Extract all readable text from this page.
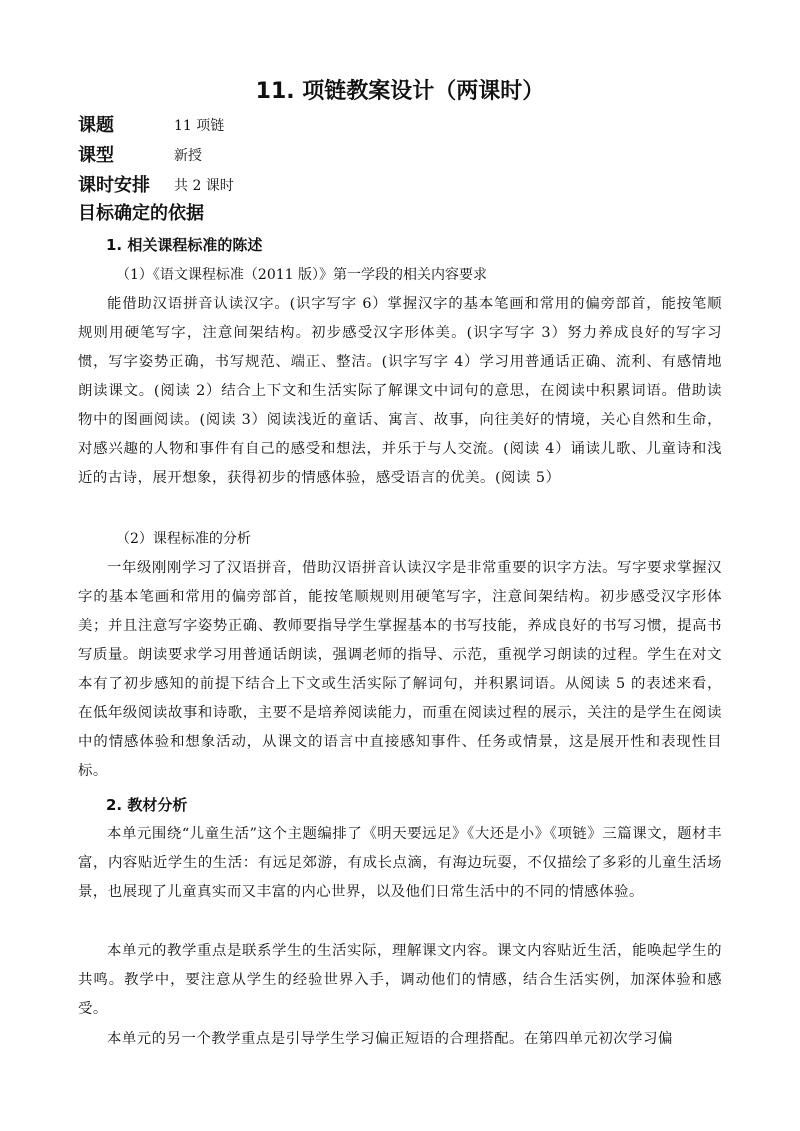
11. 项链教案设计（两课时）
课题	11 项链
课型	新授
课时安排 共 2 课时
目标确定的依据
1. 相关课程标准的陈述

（1）《语文课程标准（2011 版）》第一学段的相关内容要求

能借助汉语拼音认读汉字。(识字写字 6）掌握汉字的基本笔画和常用的偏旁部首，能按笔顺规则用硬笔写字，注意间架结构。初步感受汉字形体美。(识字写字 3）努力养成良好的写字习惯，写字姿势正确，书写规范、端正、整洁。(识字写字 4）学习用普通话正确、流利、有感情地朗读课文。(阅读 2）结合上下文和生活实际了解课文中词句的意思，在阅读中积累词语。借助读物中的图画阅读。(阅读 3）阅读浅近的童话、寓言、故事，向往美好的情境，关心自然和生命，对感兴趣的人物和事件有自己的感受和想法，并乐于与人交流。(阅读 4）诵读儿歌、儿童诗和浅近的古诗，展开想象，获得初步的情感体验，感受语言的优美。(阅读 5）

（2）课程标准的分析

一年级刚刚学习了汉语拼音，借助汉语拼音认读汉字是非常重要的识字方法。写字要求掌握汉字的基本笔画和常用的偏旁部首，能按笔顺规则用硬笔写字，注意间架结构。初步感受汉字形体美；并且注意写字姿势正确、教师要指导学生掌握基本的书写技能，养成良好的书写习惯，提高书写质量。朗读要求学习用普通话朗读，强调老师的指导、示范，重视学习朗读的过程。学生在对文本有了初步感知的前提下结合上下文或生活实际了解词句，并积累词语。从阅读 5 的表述来看，在低年级阅读故事和诗歌，主要不是培养阅读能力，而重在阅读过程的展示，关注的是学生在阅读中的情感体验和想象活动，从课文的语言中直接感知事件、任务或情景，这是展开性和表现性目标。

2. 教材分析

本单元围绕“儿童生活”这个主题编排了《明天要远足》《大还是小》《项链》三篇课文，题材丰富，内容贴近学生的生活：有远足郊游，有成长点滴，有海边玩耍，不仅描绘了多彩的儿童生活场景，也展现了儿童真实而又丰富的内心世界，以及他们日常生活中的不同的情感体验。

本单元的教学重点是联系学生的生活实际，理解课文内容。课文内容贴近生活，能唤起学生的共鸣。教学中，要注意从学生的经验世界入手，调动他们的情感，结合生活实例，加深体验和感受。

本单元的另一个教学重点是引导学生学习偏正短语的合理搭配。在第四单元初次学习偏
